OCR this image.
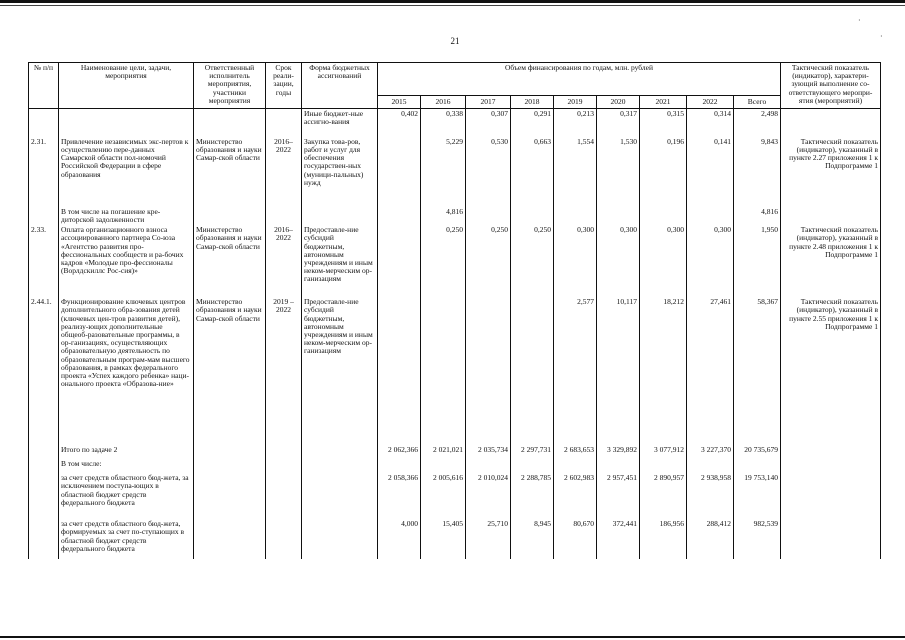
21
·
·
№ п/п	Наименование цели, задачи, мероприятия	Ответственный исполнитель мероприятия, участники мероприятия	Срок реали-зации, годы	Форма бюджетных ассигнований	Объем финансирования по годам, млн. рублей									Тактический показатель (индикатор), характери-зующий выполнение со-ответствующего меропри-ятия (мероприятий)
					2015	2016	2017	2018	2019	2020	2021	2022	Всего	
				Иные бюджет-ные ассигно-вания	0,402	0,338	0,307	0,291	0,213	0,317	0,315	0,314	2,498	
2.31.	Привлечение независимых экс-пертов к осуществлению пере-данных Самарской области пол-номочий Российской Федерации в сфере образования	Министерство образования и науки Самар-ской области	2016–2022	Закупка това-ров, работ и услуг для обеспечения государствен-ных (муници-пальных) нужд		5,229	0,530	0,663	1,554	1,530	0,196	0,141	9,843	Тактический показатель (индикатор), указанный в пункте 2.27 приложения 1 к Подпрограмме 1
	В том числе на погашение кре-диторской задолженности					4,816							4,816	
2.33.	Оплата организационного взноса ассоциированного партнера Со-юза «Агентство развития про-фессиональных сообществ и ра-бочих кадров «Молодые про-фессионалы (Ворлдскиллс Рос-сия)»	Министерство образования и науки Самар-ской области	2016–2022	Предоставле-ние субсидий бюджетным, автономным учреждениям и иным неком-мерческим ор-ганизациям		0,250	0,250	0,250	0,300	0,300	0,300	0,300	1,950	Тактический показатель (индикатор), указанный в пункте 2.48 приложения 1 к Подпрограмме 1
2.44.1.	Функционирование ключевых центров дополнительного обра-зования детей (ключевых цен-тров развития детей), реализу-ющих дополнительные общеоб-разовательные программы, в ор-ганизациях, осуществляющих образовательную деятельность по образовательным програм-мам высшего образования, в рамках федерального проекта «Успех каждого ребенка» наци-онального проекта «Образова-ние»	Министерство образования и науки Самар-ской области	2019 – 2022	Предоставле-ние субсидий бюджетным, автономным учреждениям и иным неком-мерческим ор-ганизациям					2,577	10,117	18,212	27,461	58,367	Тактический показатель (индикатор), указанный в пункте 2.55 приложения 1 к Подпрограмме 1
	Итого по задаче 2				2 062,366	2 021,021	2 035,734	2 297,731	2 683,653	3 329,892	3 077,912	3 227,370	20 735,679	
	В том числе:													
	за счет средств областного бюд-жета, за исключением поступа-ющих в областной бюджет средств федерального бюджета				2 058,366	2 005,616	2 010,024	2 288,785	2 602,983	2 957,451	2 890,957	2 938,958	19 753,140	
	за счет средств областного бюд-жета, формируемых за счет по-ступающих в областной бюджет средств федерального бюджета				4,000	15,405	25,710	8,945	80,670	372,441	186,956	288,412	982,539	
